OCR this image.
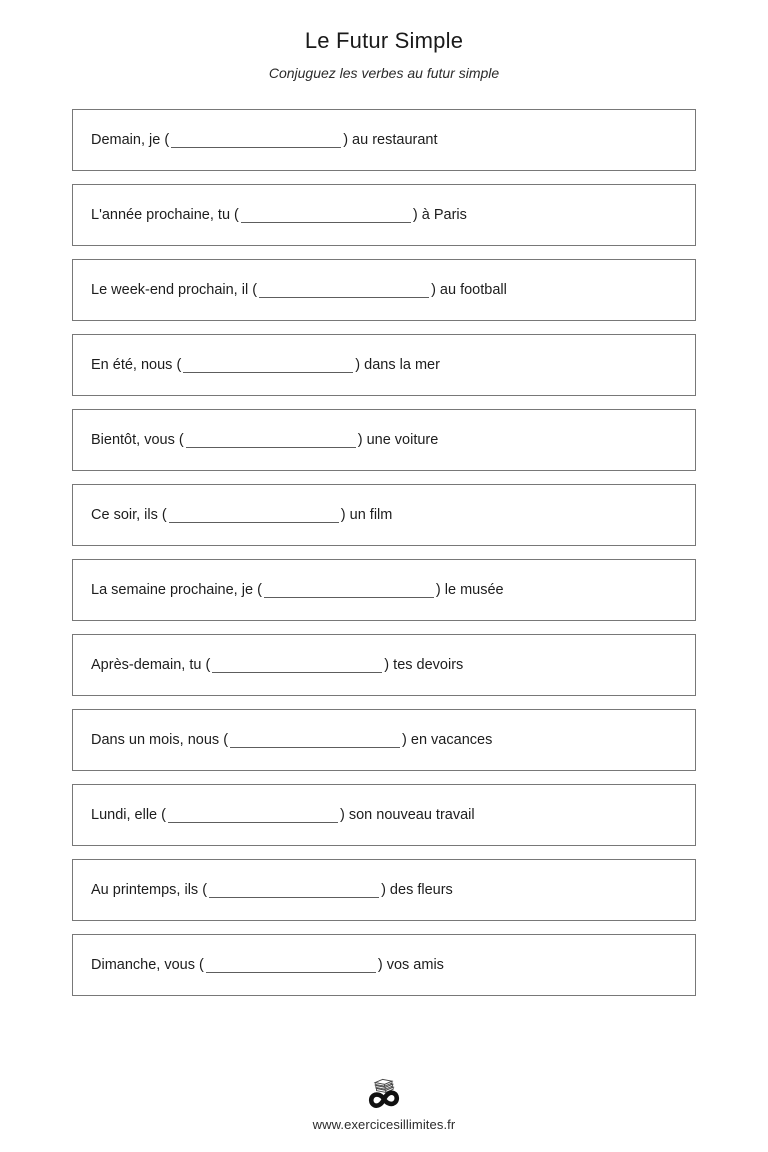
Le Futur Simple

Conjuguez les verbes au futur simple

Demain, je (	) au restaurant
L'année prochaine, tu (	) à Paris
Le week-end prochain, il (	) au football
En été, nous (	) dans la mer
Bientôt, vous (	) une voiture
Ce soir, ils (	) un film
La semaine prochaine, je (	) le musée
Après-demain, tu (	) tes devoirs
Dans un mois, nous (	) en vacances
Lundi, elle (	) son nouveau travail
Au printemps, ils (	) des fleurs
Dimanche, vous (	) vos amis
www.exercicesillimites.fr
